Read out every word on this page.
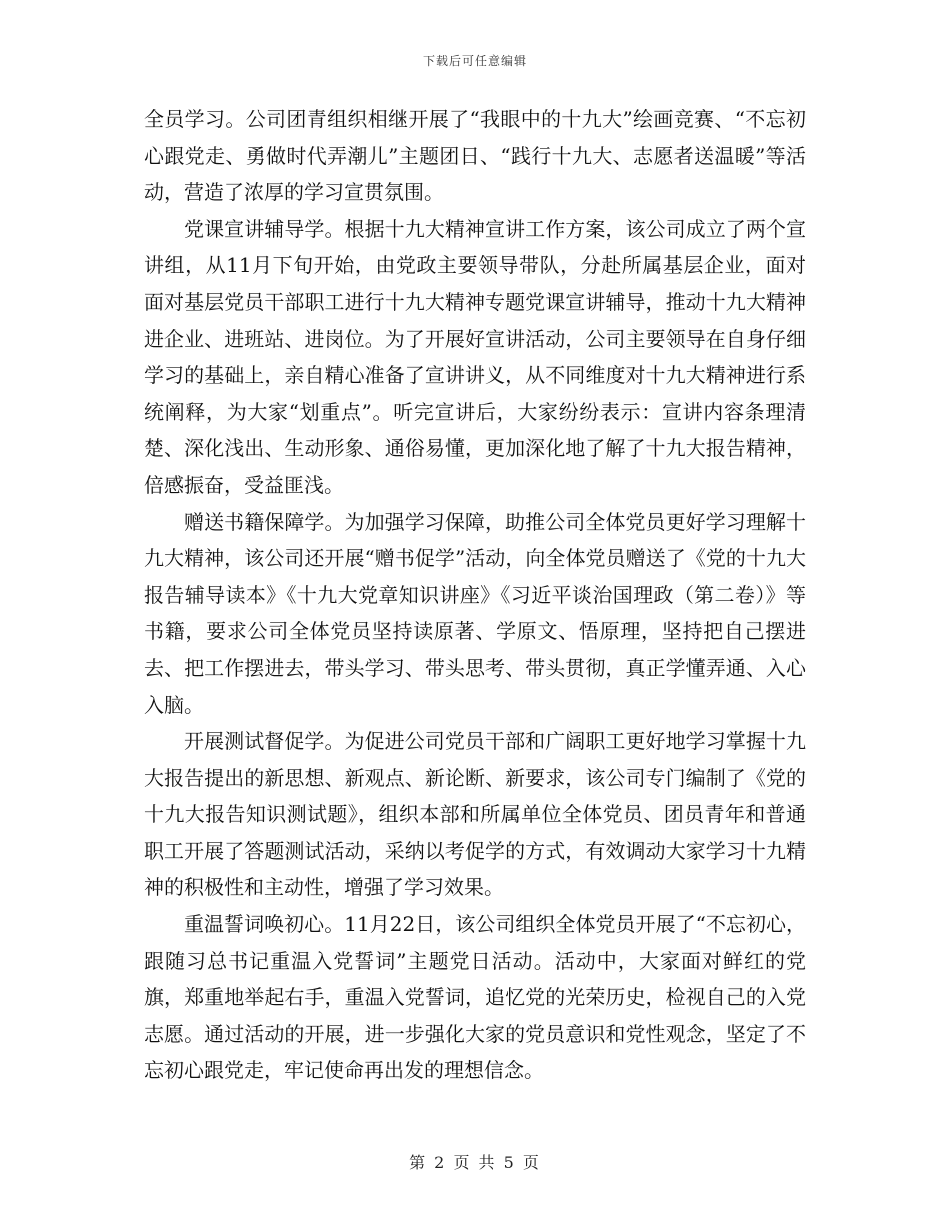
下载后可任意编辑

全员学习。公司团青组织相继开展了“我眼中的十九大”绘画竞赛、“不忘初心跟党走、勇做时代弄潮儿”主题团日、“践行十九大、志愿者送温暖”等活动，营造了浓厚的学习宣贯氛围。

党课宣讲辅导学。根据十九大精神宣讲工作方案，该公司成立了两个宣讲组，从11月下旬开始，由党政主要领导带队，分赴所属基层企业，面对面对基层党员干部职工进行十九大精神专题党课宣讲辅导，推动十九大精神进企业、进班站、进岗位。为了开展好宣讲活动，公司主要领导在自身仔细学习的基础上，亲自精心准备了宣讲讲义，从不同维度对十九大精神进行系统阐释，为大家“划重点”。听完宣讲后，大家纷纷表示：宣讲内容条理清楚、深化浅出、生动形象、通俗易懂，更加深化地了解了十九大报告精神，倍感振奋，受益匪浅。

赠送书籍保障学。为加强学习保障，助推公司全体党员更好学习理解十九大精神，该公司还开展“赠书促学”活动，向全体党员赠送了《党的十九大报告辅导读本》《十九大党章知识讲座》《习近平谈治国理政（第二卷）》等书籍，要求公司全体党员坚持读原著、学原文、悟原理，坚持把自己摆进去、把工作摆进去，带头学习、带头思考、带头贯彻，真正学懂弄通、入心入脑。

开展测试督促学。为促进公司党员干部和广阔职工更好地学习掌握十九大报告提出的新思想、新观点、新论断、新要求，该公司专门编制了《党的十九大报告知识测试题》，组织本部和所属单位全体党员、团员青年和普通职工开展了答题测试活动，采纳以考促学的方式，有效调动大家学习十九精神的积极性和主动性，增强了学习效果。

重温誓词唤初心。11月22日，该公司组织全体党员开展了“不忘初心，跟随习总书记重温入党誓词”主题党日活动。活动中，大家面对鲜红的党旗，郑重地举起右手，重温入党誓词，追忆党的光荣历史，检视自己的入党志愿。通过活动的开展，进一步强化大家的党员意识和党性观念，坚定了不忘初心跟党走，牢记使命再出发的理想信念。

第 2 页 共 5 页
